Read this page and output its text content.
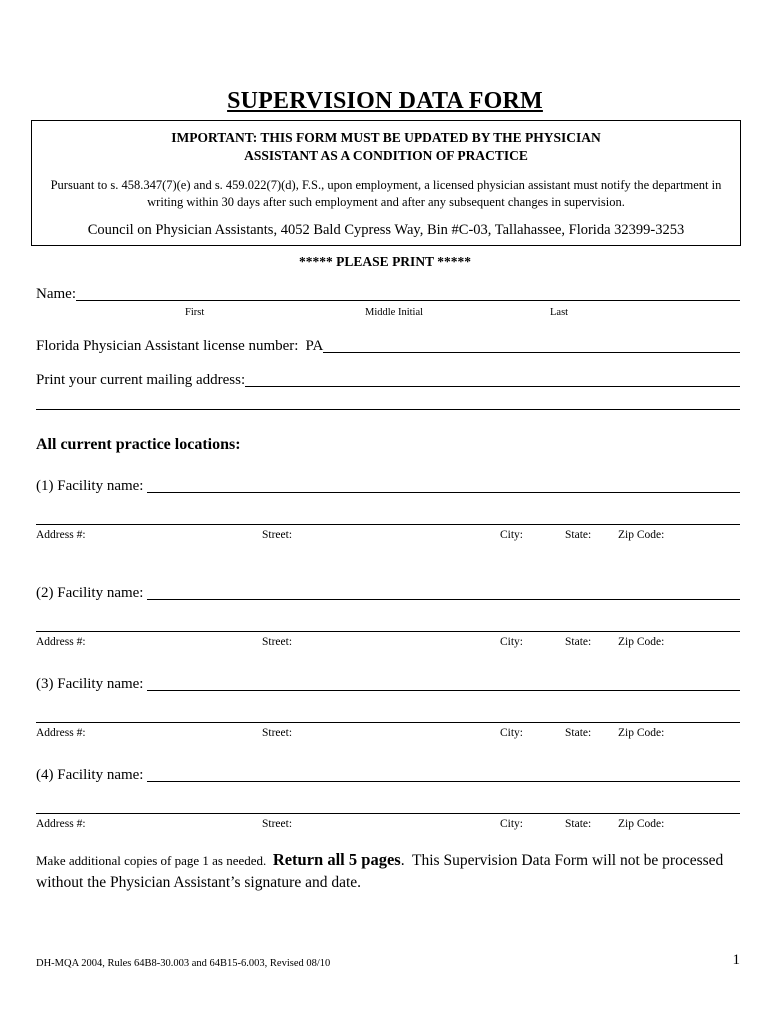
SUPERVISION DATA FORM

IMPORTANT: THIS FORM MUST BE UPDATED BY THE PHYSICIAN ASSISTANT AS A CONDITION OF PRACTICE

Pursuant to s. 458.347(7)(e) and s. 459.022(7)(d), F.S., upon employment, a licensed physician assistant must notify the department in writing within 30 days after such employment and after any subsequent changes in supervision.

Council on Physician Assistants, 4052 Bald Cypress Way, Bin #C-03, Tallahassee, Florida 32399-3253

***** PLEASE PRINT *****

Name:
First	Middle Initial	Last
Florida Physician Assistant license number: PA
Print your current mailing address:
All current practice locations:
(1) Facility name:
Address #:	Street:	City:	State: Zip Code:
(2) Facility name:
Address #:	Street:	City:	State: Zip Code:
(3) Facility name:
Address #:	Street:	City:	State: Zip Code:
(4) Facility name:
Address #:	Street:	City:	State: Zip Code:

Make additional copies of page 1 as needed.  Return all 5 pages.  This Supervision Data Form will not be processed without the Physician Assistant’s signature and date.

DH-MQA 2004, Rules 64B8-30.003 and 64B15-6.003, Revised 08/10	1
